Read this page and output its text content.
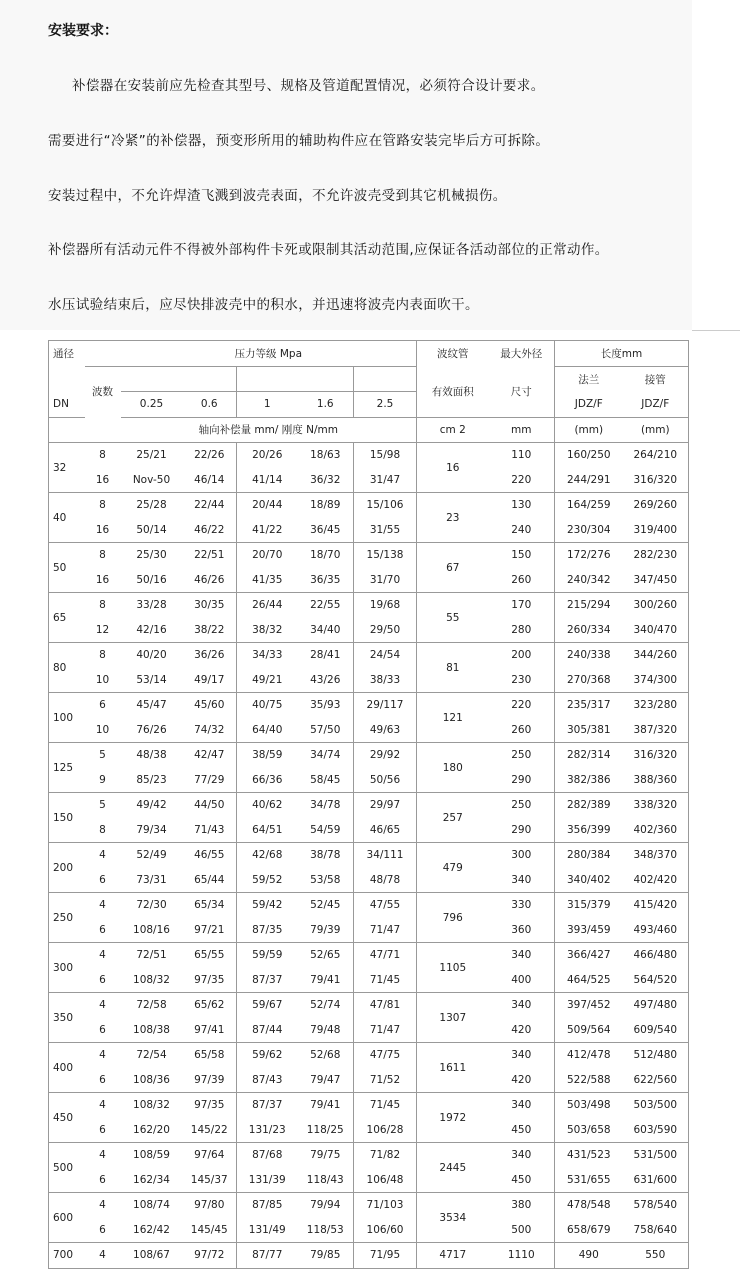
安装要求：
补偿器在安装前应先检查其型号、规格及管道配置情况，必须符合设计要求。
需要进行“冷紧”的补偿器，预变形所用的辅助构件应在管路安装完毕后方可拆除。
安装过程中，不允许焊渣飞溅到波壳表面，不允许波壳受到其它机械损伤。
补偿器所有活动元件不得被外部构件卡死或限制其活动范围,应保证各活动部位的正常动作。
水压试验结束后，应尽快排波壳中的积水，并迅速将波壳内表面吹干。
通径		压力等级 Mpa					波纹管	最大外径	长度mm	
	波数						有效面积	尺寸	法兰	接管
DN		0.25	0.6	1	1.6	2.5			JDZ/F	JDZ/F
		轴向补偿量 mm/ 刚度 N/mm					cm 2	mm	(mm)	(mm)
32	8	25/21	22/26	20/26	18/63	15/98	16	110	160/250	264/210
	16	Nov-50	46/14	41/14	36/32	31/47		220	244/291	316/320
40	8	25/28	22/44	20/44	18/89	15/106	23	130	164/259	269/260
	16	50/14	46/22	41/22	36/45	31/55		240	230/304	319/400
50	8	25/30	22/51	20/70	18/70	15/138	67	150	172/276	282/230
	16	50/16	46/26	41/35	36/35	31/70		260	240/342	347/450
65	8	33/28	30/35	26/44	22/55	19/68	55	170	215/294	300/260
	12	42/16	38/22	38/32	34/40	29/50		280	260/334	340/470
80	8	40/20	36/26	34/33	28/41	24/54	81	200	240/338	344/260
	10	53/14	49/17	49/21	43/26	38/33		230	270/368	374/300
100	6	45/47	45/60	40/75	35/93	29/117	121	220	235/317	323/280
	10	76/26	74/32	64/40	57/50	49/63		260	305/381	387/320
125	5	48/38	42/47	38/59	34/74	29/92	180	250	282/314	316/320
	9	85/23	77/29	66/36	58/45	50/56		290	382/386	388/360
150	5	49/42	44/50	40/62	34/78	29/97	257	250	282/389	338/320
	8	79/34	71/43	64/51	54/59	46/65		290	356/399	402/360
200	4	52/49	46/55	42/68	38/78	34/111	479	300	280/384	348/370
	6	73/31	65/44	59/52	53/58	48/78		340	340/402	402/420
250	4	72/30	65/34	59/42	52/45	47/55	796	330	315/379	415/420
	6	108/16	97/21	87/35	79/39	71/47		360	393/459	493/460
300	4	72/51	65/55	59/59	52/65	47/71	1105	340	366/427	466/480
	6	108/32	97/35	87/37	79/41	71/45		400	464/525	564/520
350	4	72/58	65/62	59/67	52/74	47/81	1307	340	397/452	497/480
	6	108/38	97/41	87/44	79/48	71/47		420	509/564	609/540
400	4	72/54	65/58	59/62	52/68	47/75	1611	340	412/478	512/480
	6	108/36	97/39	87/43	79/47	71/52		420	522/588	622/560
450	4	108/32	97/35	87/37	79/41	71/45	1972	340	503/498	503/500
	6	162/20	145/22	131/23	118/25	106/28		450	503/658	603/590
500	4	108/59	97/64	87/68	79/75	71/82	2445	340	431/523	531/500
	6	162/34	145/37	131/39	118/43	106/48		450	531/655	631/600
600	4	108/74	97/80	87/85	79/94	71/103	3534	380	478/548	578/540
	6	162/42	145/45	131/49	118/53	106/60		500	658/679	758/640
700	4	108/67	97/72	87/77	79/85	71/95	4717	1110	490	550
